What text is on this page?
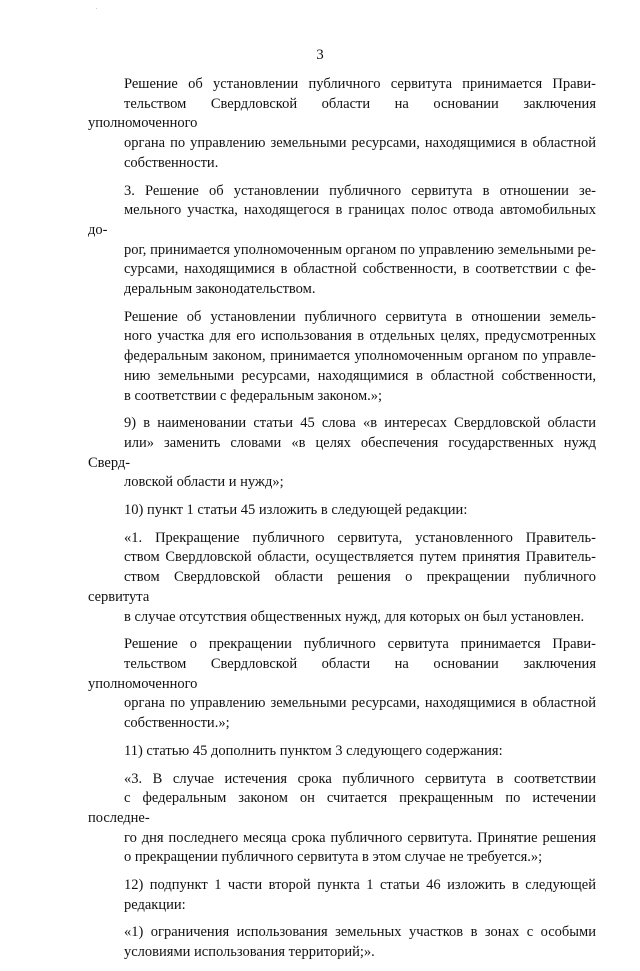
3

Решение об установлении публичного сервитута принимается Прави-
тельством Свердловской области на основании заключения уполномоченного
органа по управлению земельными ресурсами, находящимися в областной
собственности.

3. Решение об установлении публичного сервитута в отношении зе-
мельного участка, находящегося в границах полос отвода автомобильных до-
рог, принимается уполномоченным органом по управлению земельными ре-
сурсами, находящимися в областной собственности, в соответствии с фе-
деральным законодательством.

Решение об установлении публичного сервитута в отношении земель-
ного участка для его использования в отдельных целях, предусмотренных
федеральным законом, принимается уполномоченным органом по управле-
нию земельными ресурсами, находящимися в областной собственности,
в соответствии с федеральным законом.»;

9) в наименовании статьи 45 слова «в интересах Свердловской области
или» заменить словами «в целях обеспечения государственных нужд Сверд-
ловской области и нужд»;

10) пункт 1 статьи 45 изложить в следующей редакции:

«1. Прекращение публичного сервитута, установленного Правитель-
ством Свердловской области, осуществляется путем принятия Правитель-
ством Свердловской области решения о прекращении публичного сервитута
в случае отсутствия общественных нужд, для которых он был установлен.

Решение о прекращении публичного сервитута принимается Прави-
тельством Свердловской области на основании заключения уполномоченного
органа по управлению земельными ресурсами, находящимися в областной
собственности.»;

11) статью 45 дополнить пунктом 3 следующего содержания:

«3. В случае истечения срока публичного сервитута в соответствии
с федеральным законом он считается прекращенным по истечении последне-
го дня последнего месяца срока публичного сервитута. Принятие решения
о прекращении публичного сервитута в этом случае не требуется.»;

12) подпункт 1 части второй пункта 1 статьи 46 изложить в следующей
редакции:

«1) ограничения использования земельных участков в зонах с особыми
условиями использования территорий;».
